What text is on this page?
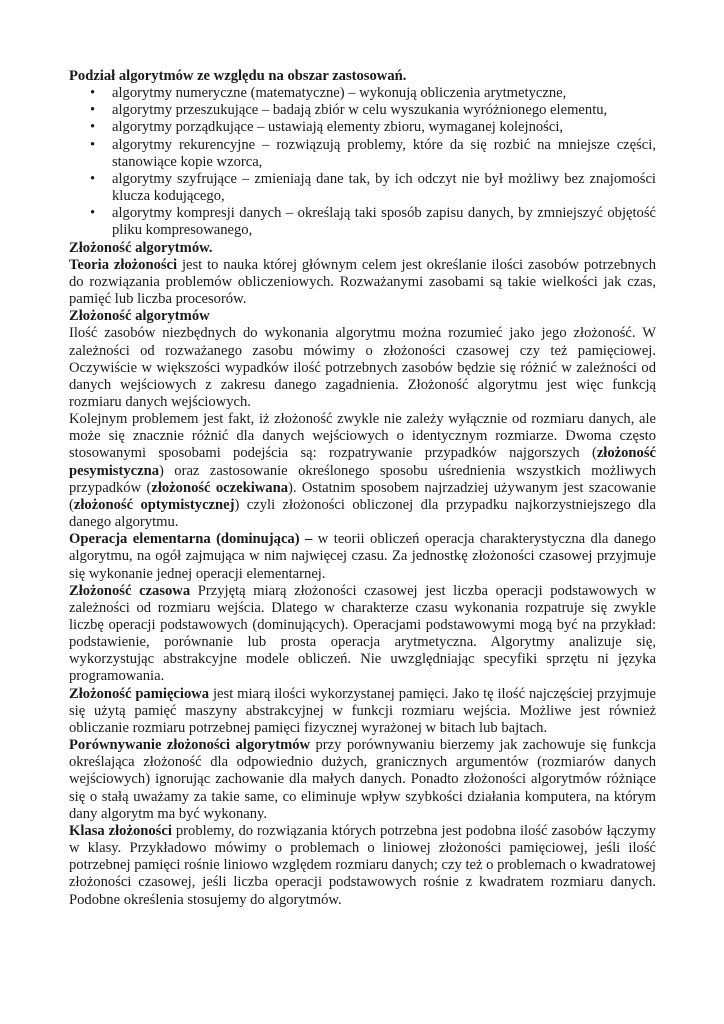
Podział algorytmów ze względu na obszar zastosowań.

• algorytmy numeryczne (matematyczne) – wykonują obliczenia arytmetyczne,
• algorytmy przeszukujące – badają zbiór w celu wyszukania wyróżnionego elementu,
• algorytmy porządkujące – ustawiają elementy zbioru, wymaganej kolejności,
• algorytmy rekurencyjne – rozwiązują problemy, które da się rozbić na mniejsze części, stanowiące kopie wzorca,
• algorytmy szyfrujące – zmieniają dane tak, by ich odczyt nie był możliwy bez znajomości klucza kodującego,
• algorytmy kompresji danych – określają taki sposób zapisu danych, by zmniejszyć objętość pliku kompresowanego,

Złożoność algorytmów.

Teoria złożoności jest to nauka której głównym celem jest określanie ilości zasobów potrzebnych do rozwiązania problemów obliczeniowych. Rozważanymi zasobami są takie wielkości jak czas, pamięć lub liczba procesorów.

Złożoność algorytmów

Ilość zasobów niezbędnych do wykonania algorytmu można rozumieć jako jego złożoność. W zależności od rozważanego zasobu mówimy o złożoności czasowej czy też pamięciowej. Oczywiście w większości wypadków ilość potrzebnych zasobów będzie się różnić w zależności od danych wejściowych z zakresu danego zagadnienia. Złożoność algorytmu jest więc funkcją rozmiaru danych wejściowych.

Kolejnym problemem jest fakt, iż złożoność zwykle nie zależy wyłącznie od rozmiaru danych, ale może się znacznie różnić dla danych wejściowych o identycznym rozmiarze. Dwoma często stosowanymi sposobami podejścia są: rozpatrywanie przypadków najgorszych (złożoność pesymistyczna) oraz zastosowanie określonego sposobu uśrednienia wszystkich możliwych przypadków (złożoność oczekiwana). Ostatnim sposobem najrzadziej używanym jest szacowanie (złożoność optymistycznej) czyli złożoności obliczonej dla przypadku najkorzystniejszego dla danego algorytmu.

Operacja elementarna (dominująca) – w teorii obliczeń operacja charakterystyczna dla danego algorytmu, na ogół zajmująca w nim najwięcej czasu. Za jednostkę złożoności czasowej przyjmuje się wykonanie jednej operacji elementarnej.

Złożoność czasowa Przyjętą miarą złożoności czasowej jest liczba operacji podstawowych w zależności od rozmiaru wejścia. Dlatego w charakterze czasu wykonania rozpatruje się zwykle liczbę operacji podstawowych (dominujących). Operacjami podstawowymi mogą być na przykład: podstawienie, porównanie lub prosta operacja arytmetyczna. Algorytmy analizuje się, wykorzystując abstrakcyjne modele obliczeń. Nie uwzględniając specyfiki sprzętu ni języka programowania.

Złożoność pamięciowa jest miarą ilości wykorzystanej pamięci. Jako tę ilość najczęściej przyjmuje się użytą pamięć maszyny abstrakcyjnej w funkcji rozmiaru wejścia. Możliwe jest również obliczanie rozmiaru potrzebnej pamięci fizycznej wyrażonej w bitach lub bajtach.

Porównywanie złożoności algorytmów przy porównywaniu bierzemy jak zachowuje się funkcja określająca złożoność dla odpowiednio dużych, granicznych argumentów (rozmiarów danych wejściowych) ignorując zachowanie dla małych danych. Ponadto złożoności algorytmów różniące się o stałą uważamy za takie same, co eliminuje wpływ szybkości działania komputera, na którym dany algorytm ma być wykonany.

Klasa złożoności problemy, do rozwiązania których potrzebna jest podobna ilość zasobów łączymy w klasy. Przykładowo mówimy o problemach o liniowej złożoności pamięciowej, jeśli ilość potrzebnej pamięci rośnie liniowo względem rozmiaru danych; czy też o problemach o kwadratowej złożoności czasowej, jeśli liczba operacji podstawowych rośnie z kwadratem rozmiaru danych. Podobne określenia stosujemy do algorytmów.
